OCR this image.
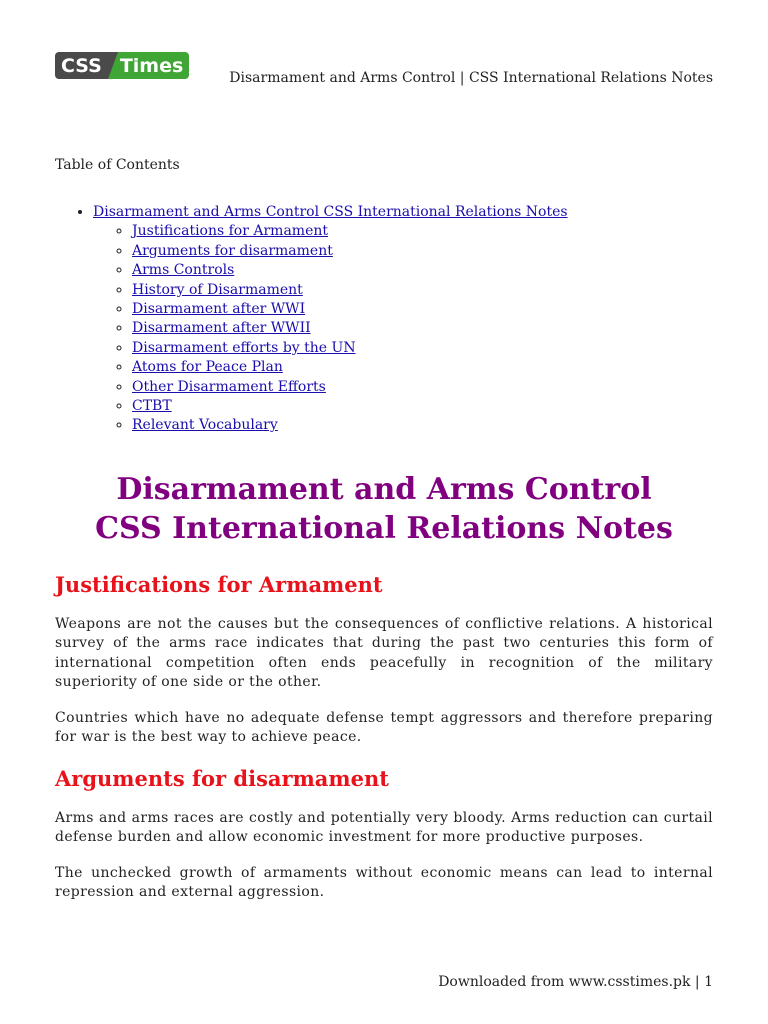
CSS Times
Disarmament and Arms Control | CSS International Relations Notes
Table of Contents
• Disarmament and Arms Control CSS International Relations Notes
◦ Justifications for Armament
◦ Arguments for disarmament
◦ Arms Controls
◦ History of Disarmament
◦ Disarmament after WWI
◦ Disarmament after WWII
◦ Disarmament efforts by the UN
◦ Atoms for Peace Plan
◦ Other Disarmament Efforts
◦ CTBT
◦ Relevant Vocabulary
Disarmament and Arms Control
CSS International Relations Notes
Justifications for Armament

Weapons are not the causes but the consequences of conflictive relations. A historical survey of the arms race indicates that during the past two centuries this form of international competition often ends peacefully in recognition of the military superiority of one side or the other.

Countries which have no adequate defense tempt aggressors and therefore preparing for war is the best way to achieve peace.

Arguments for disarmament

Arms and arms races are costly and potentially very bloody. Arms reduction can curtail defense burden and allow economic investment for more productive purposes.

The unchecked growth of armaments without economic means can lead to internal repression and external aggression.

Downloaded from www.csstimes.pk | 1
